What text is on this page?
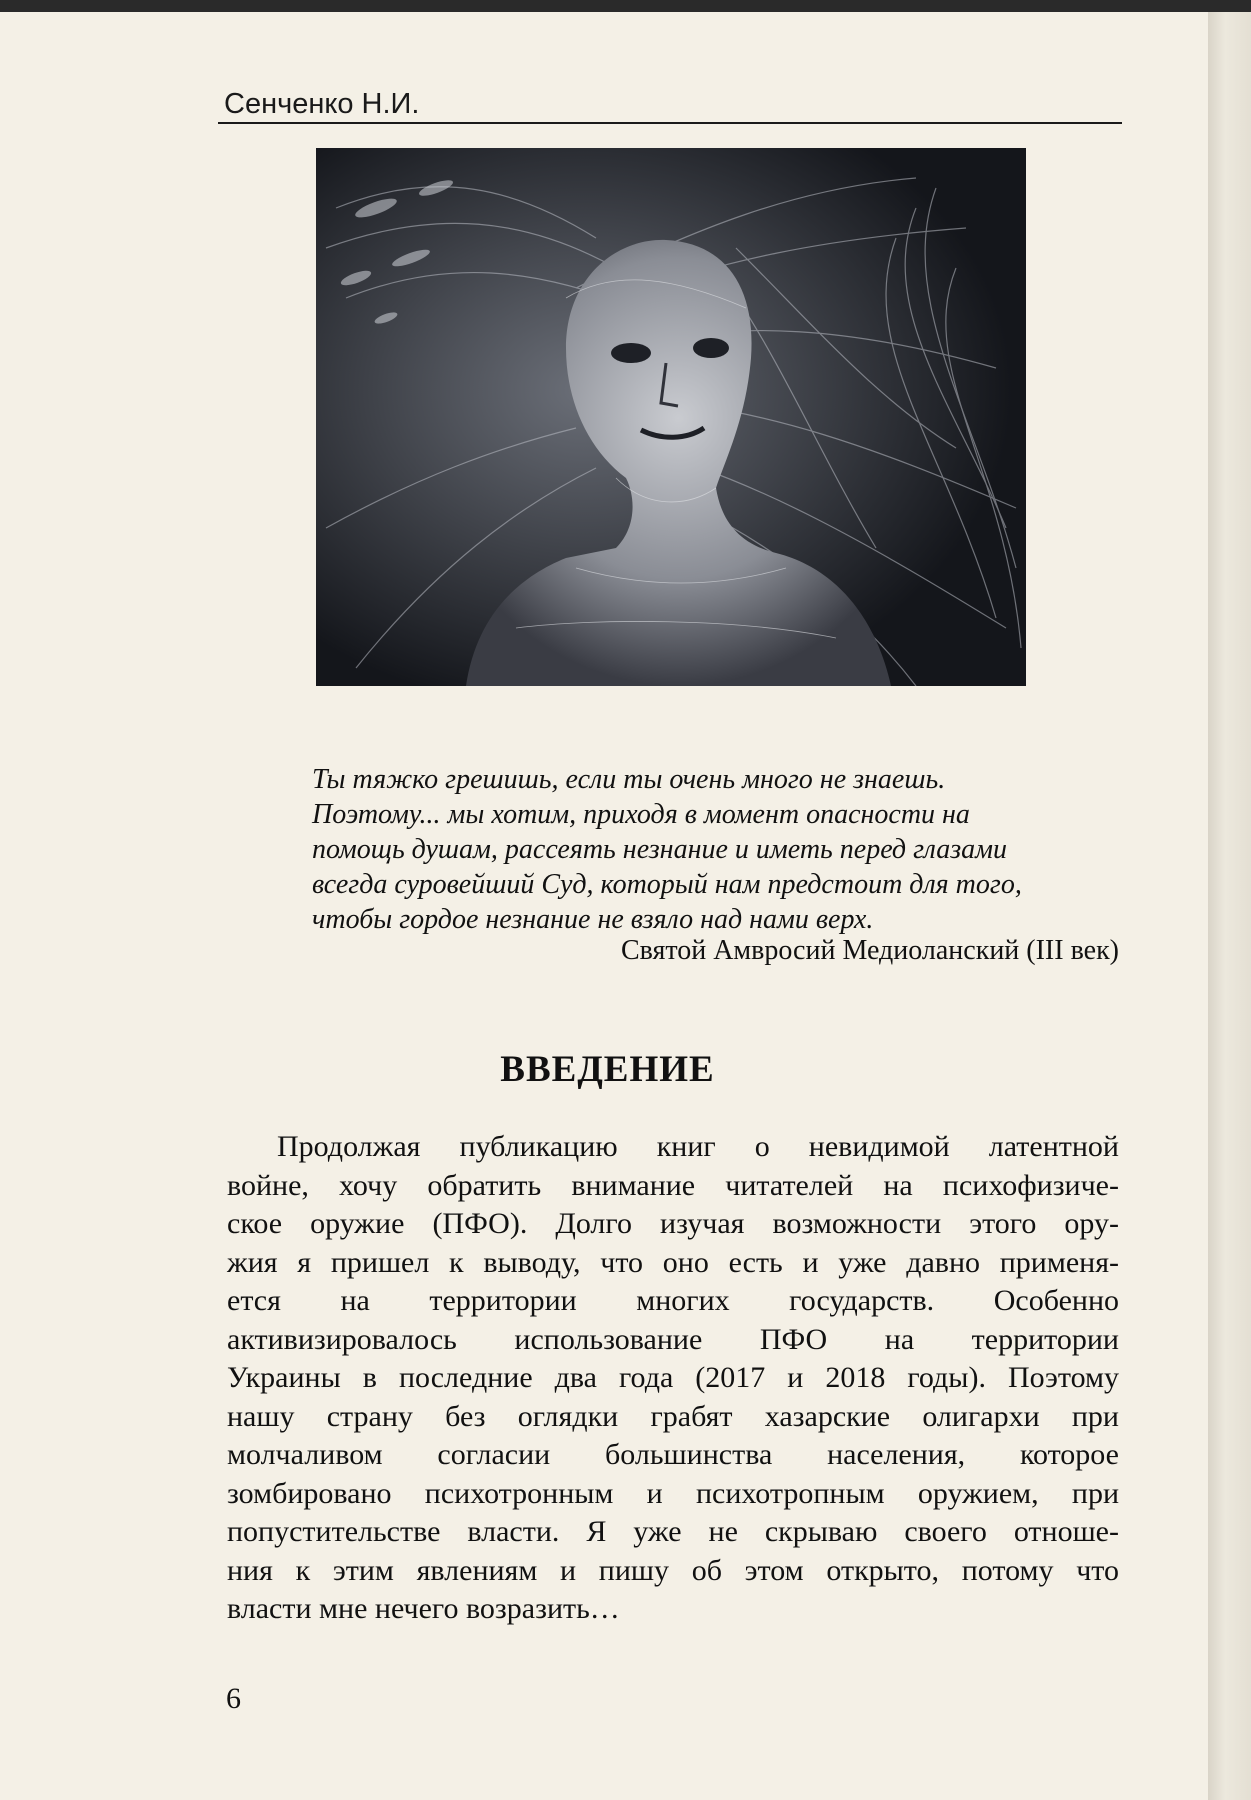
Сенченко Н.И.
Ты тяжко грешишь, если ты очень много не знаешь.
Поэтому... мы хотим, приходя в момент опасности на
помощь душам, рассеять незнание и иметь перед глазами
всегда суровейший Суд, который нам предстоит для того,
чтобы гордое незнание не взяло над нами верх.
Святой Амвросий Медиоланский (III век)
ВВЕДЕНИЕ
Продолжая публикацию книг о невидимой латентной
войне, хочу обратить внимание читателей на психофизиче-
ское оружие (ПФО). Долго изучая возможности этого ору-
жия я пришел к выводу, что оно есть и уже давно применя-
ется на территории многих государств. Особенно
активизировалось использование ПФО на территории
Украины в последние два года (2017 и 2018 годы). Поэтому
нашу страну без оглядки грабят хазарские олигархи при
молчаливом согласии большинства населения, которое
зомбировано психотронным и психотропным оружием, при
попустительстве власти. Я уже не скрываю своего отноше-
ния к этим явлениям и пишу об этом открыто, потому что
власти мне нечего возразить…
6
